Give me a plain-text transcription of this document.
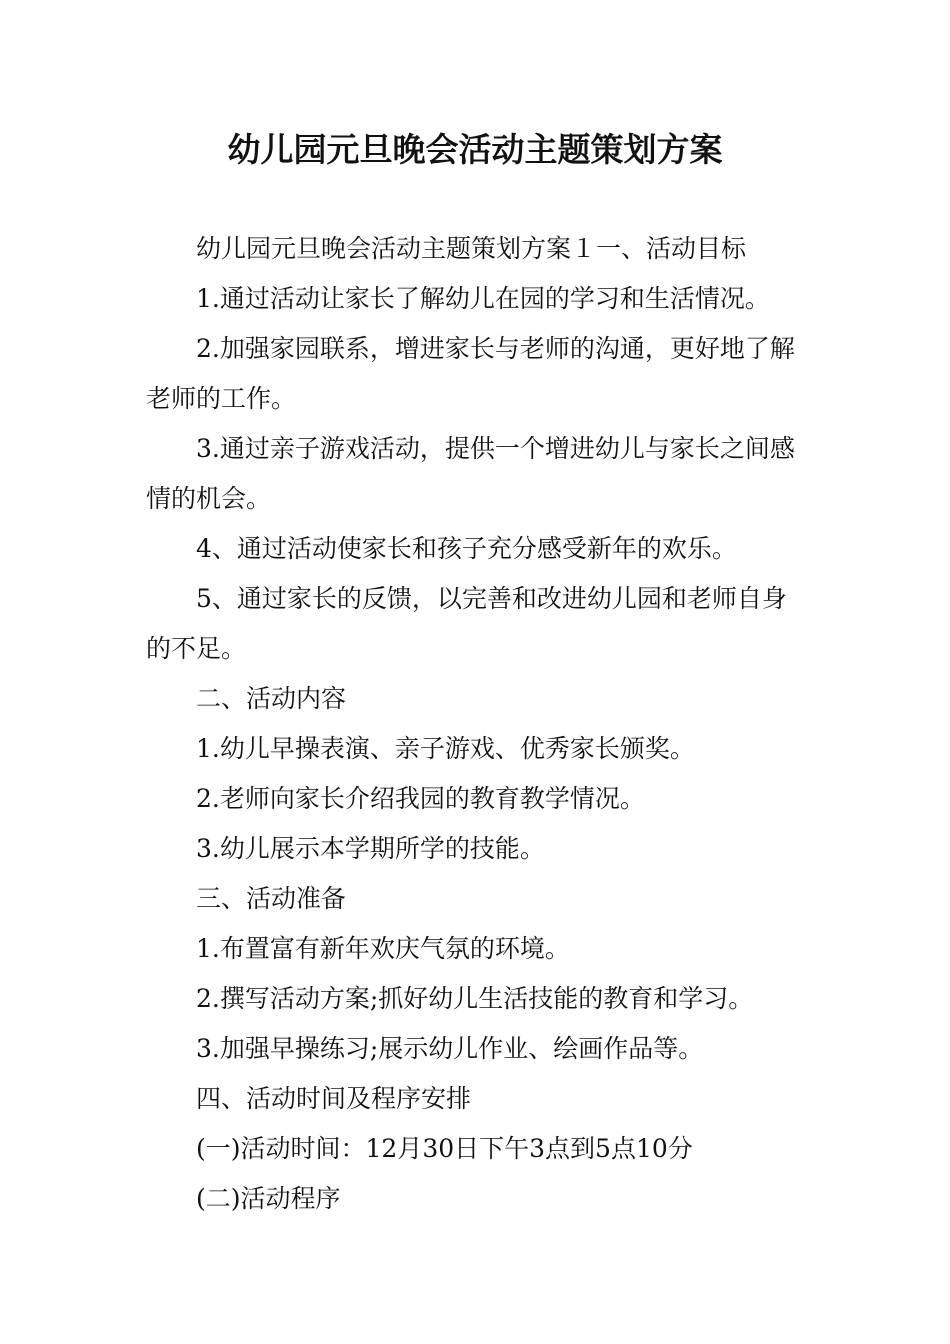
幼儿园元旦晚会活动主题策划方案

幼儿园元旦晚会活动主题策划方案１一、活动目标

1.通过活动让家长了解幼儿在园的学习和生活情况。

2.加强家园联系，增进家长与老师的沟通，更好地了解老师的工作。

3.通过亲子游戏活动，提供一个增进幼儿与家长之间感情的机会。

4、通过活动使家长和孩子充分感受新年的欢乐。

5、通过家长的反馈，以完善和改进幼儿园和老师自身的不足。

二、活动内容

1.幼儿早操表演、亲子游戏、优秀家长颁奖。

2.老师向家长介绍我园的教育教学情况。

3.幼儿展示本学期所学的技能。

三、活动准备

1.布置富有新年欢庆气氛的环境。

2.撰写活动方案;抓好幼儿生活技能的教育和学习。

3.加强早操练习;展示幼儿作业、绘画作品等。

四、活动时间及程序安排

(一)活动时间：12月30日下午3点到5点10分

(二)活动程序
